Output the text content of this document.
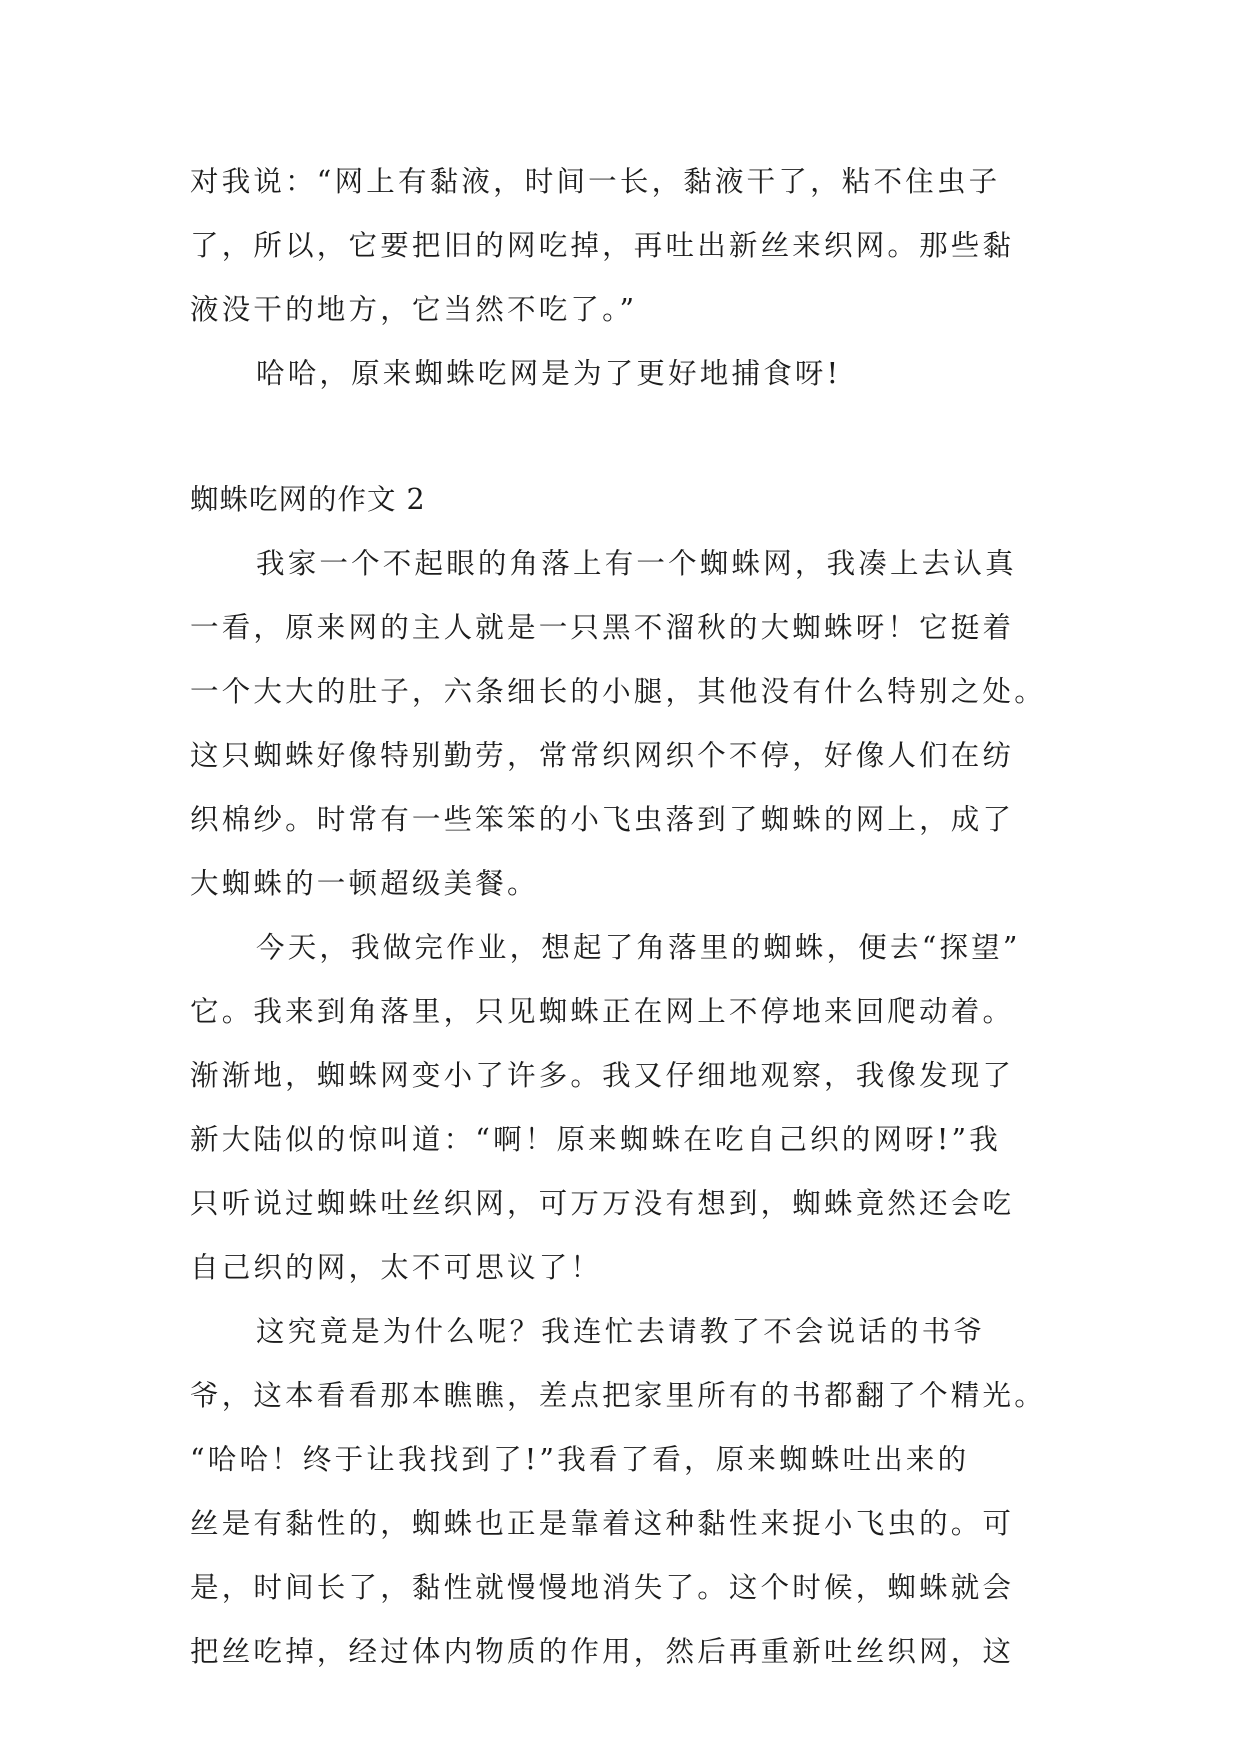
对我说：“网上有黏液，时间一长，黏液干了，粘不住虫子
了，所以，它要把旧的网吃掉，再吐出新丝来织网。那些黏
液没干的地方，它当然不吃了。”
哈哈，原来蜘蛛吃网是为了更好地捕食呀!
蜘蛛吃网的作文 2
我家一个不起眼的角落上有一个蜘蛛网，我凑上去认真
一看，原来网的主人就是一只黑不溜秋的大蜘蛛呀！它挺着
一个大大的肚子，六条细长的小腿，其他没有什么特别之处。
这只蜘蛛好像特别勤劳，常常织网织个不停，好像人们在纺
织棉纱。时常有一些笨笨的小飞虫落到了蜘蛛的网上，成了
大蜘蛛的一顿超级美餐。
今天，我做完作业，想起了角落里的蜘蛛，便去“探望”
它。我来到角落里，只见蜘蛛正在网上不停地来回爬动着。
渐渐地，蜘蛛网变小了许多。我又仔细地观察，我像发现了
新大陆似的惊叫道：“啊！原来蜘蛛在吃自己织的网呀!”我
只听说过蜘蛛吐丝织网，可万万没有想到，蜘蛛竟然还会吃
自己织的网，太不可思议了！
这究竟是为什么呢？我连忙去请教了不会说话的书爷
爷，这本看看那本瞧瞧，差点把家里所有的书都翻了个精光。
“哈哈！终于让我找到了!”我看了看，原来蜘蛛吐出来的
丝是有黏性的，蜘蛛也正是靠着这种黏性来捉小飞虫的。可
是，时间长了，黏性就慢慢地消失了。这个时候，蜘蛛就会
把丝吃掉，经过体内物质的作用，然后再重新吐丝织网，这
